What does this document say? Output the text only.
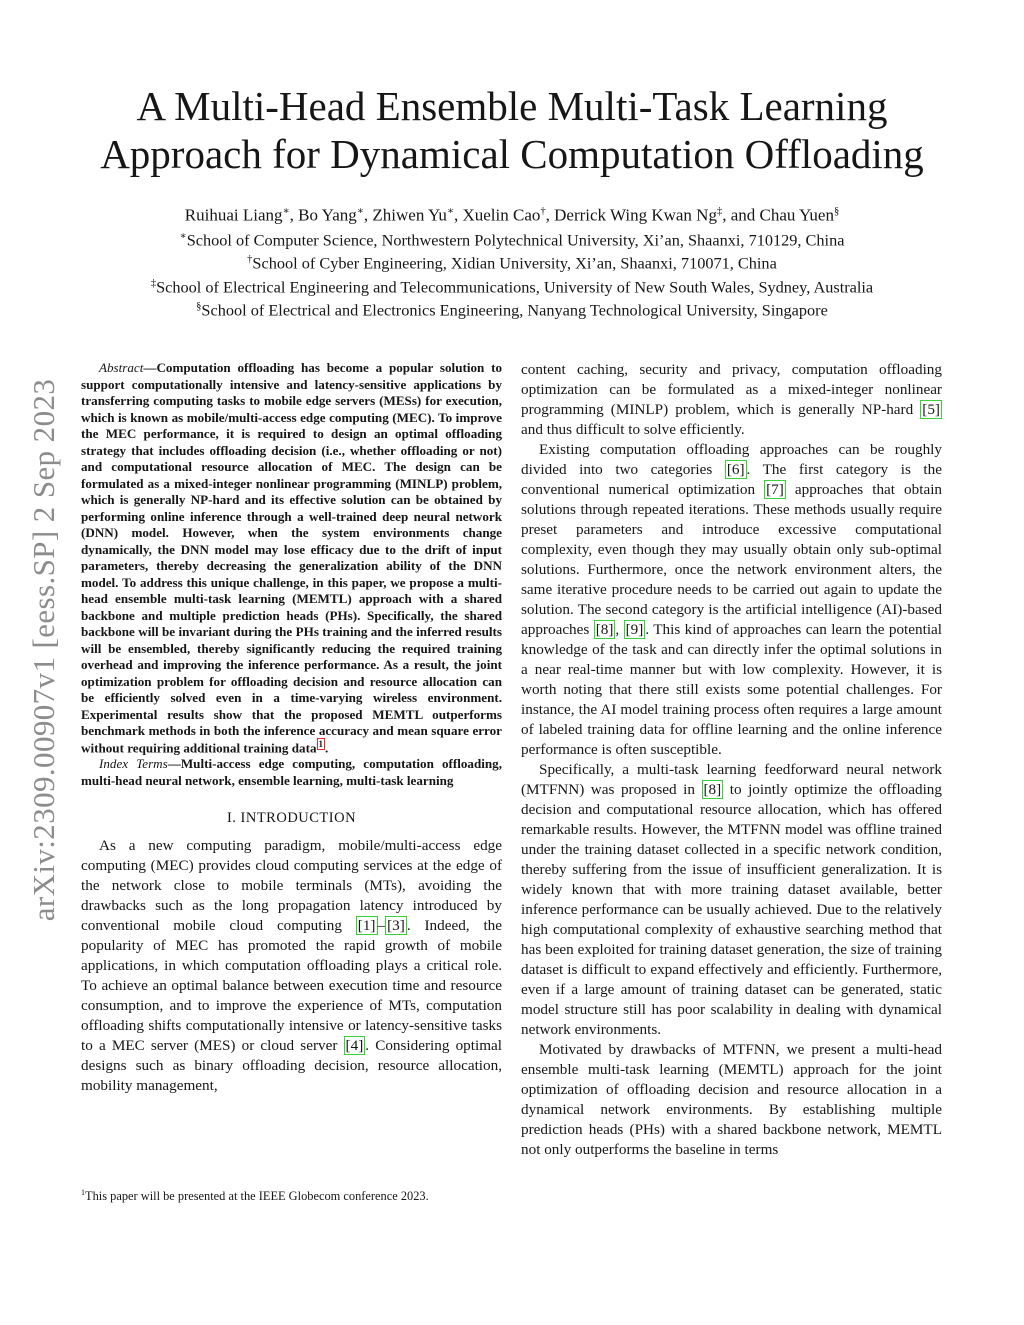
arXiv:2309.00907v1 [eess.SP] 2 Sep 2023
A Multi-Head Ensemble Multi-Task Learning
Approach for Dynamical Computation Offloading
Ruihuai Liang∗, Bo Yang∗, Zhiwen Yu∗, Xuelin Cao†, Derrick Wing Kwan Ng‡, and Chau Yuen§
∗School of Computer Science, Northwestern Polytechnical University, Xi’an, Shaanxi, 710129, China
†School of Cyber Engineering, Xidian University, Xi’an, Shaanxi, 710071, China
‡School of Electrical Engineering and Telecommunications, University of New South Wales, Sydney, Australia
§School of Electrical and Electronics Engineering, Nanyang Technological University, Singapore

Abstract—Computation offloading has become a popular solution to support computationally intensive and latency-sensitive applications by transferring computing tasks to mobile edge servers (MESs) for execution, which is known as mobile/multi-access edge computing (MEC). To improve the MEC performance, it is required to design an optimal offloading strategy that includes offloading decision (i.e., whether offloading or not) and computational resource allocation of MEC. The design can be formulated as a mixed-integer nonlinear programming (MINLP) problem, which is generally NP-hard and its effective solution can be obtained by performing online inference through a well-trained deep neural network (DNN) model. However, when the system environments change dynamically, the DNN model may lose efficacy due to the drift of input parameters, thereby decreasing the generalization ability of the DNN model. To address this unique challenge, in this paper, we propose a multi-head ensemble multi-task learning (MEMTL) approach with a shared backbone and multiple prediction heads (PHs). Specifically, the shared backbone will be invariant during the PHs training and the inferred results will be ensembled, thereby significantly reducing the required training overhead and improving the inference performance. As a result, the joint optimization problem for offloading decision and resource allocation can be efficiently solved even in a time-varying wireless environment. Experimental results show that the proposed MEMTL outperforms benchmark methods in both the inference accuracy and mean square error without requiring additional training data $^1$ .

Index Terms—Multi-access edge computing, computation offloading, multi-head neural network, ensemble learning, multi-task learning

I. INTRODUCTION

As a new computing paradigm, mobile/multi-access edge computing (MEC) provides cloud computing services at the edge of the network close to mobile terminals (MTs), avoiding the drawbacks such as the long propagation latency introduced by conventional mobile cloud computing [1] – [3] . Indeed, the popularity of MEC has promoted the rapid growth of mobile applications, in which computation offloading plays a critical role. To achieve an optimal balance between execution time and resource consumption, and to improve the experience of MTs, computation offloading shifts computationally intensive or latency-sensitive tasks to a MEC server (MES) or cloud server [4] . Considering optimal designs such as binary offloading decision, resource allocation, mobility management,

content caching, security and privacy, computation offloading optimization can be formulated as a mixed-integer nonlinear programming (MINLP) problem, which is generally NP-hard [5] and thus difficult to solve efficiently.

Existing computation offloading approaches can be roughly divided into two categories [6] . The first category is the conventional numerical optimization [7] approaches that obtain solutions through repeated iterations. These methods usually require preset parameters and introduce excessive computational complexity, even though they may usually obtain only sub-optimal solutions. Furthermore, once the network environment alters, the same iterative procedure needs to be carried out again to update the solution. The second category is the artificial intelligence (AI)-based approaches [8] , [9] . This kind of approaches can learn the potential knowledge of the task and can directly infer the optimal solutions in a near real-time manner but with low complexity. However, it is worth noting that there still exists some potential challenges. For instance, the AI model training process often requires a large amount of labeled training data for offline learning and the online inference performance is often susceptible.

Specifically, a multi-task learning feedforward neural network (MTFNN) was proposed in [8] to jointly optimize the offloading decision and computational resource allocation, which has offered remarkable results. However, the MTFNN model was offline trained under the training dataset collected in a specific network condition, thereby suffering from the issue of insufficient generalization. It is widely known that with more training dataset available, better inference performance can be usually achieved. Due to the relatively high computational complexity of exhaustive searching method that has been exploited for training dataset generation, the size of training dataset is difficult to expand effectively and efficiently. Furthermore, even if a large amount of training dataset can be generated, static model structure still has poor scalability in dealing with dynamical network environments.

Motivated by drawbacks of MTFNN, we present a multi-head ensemble multi-task learning (MEMTL) approach for the joint optimization of offloading decision and resource allocation in a dynamical network environments. By establishing multiple prediction heads (PHs) with a shared backbone network, MEMTL not only outperforms the baseline in terms

$^1$This paper will be presented at the IEEE Globecom conference 2023.
